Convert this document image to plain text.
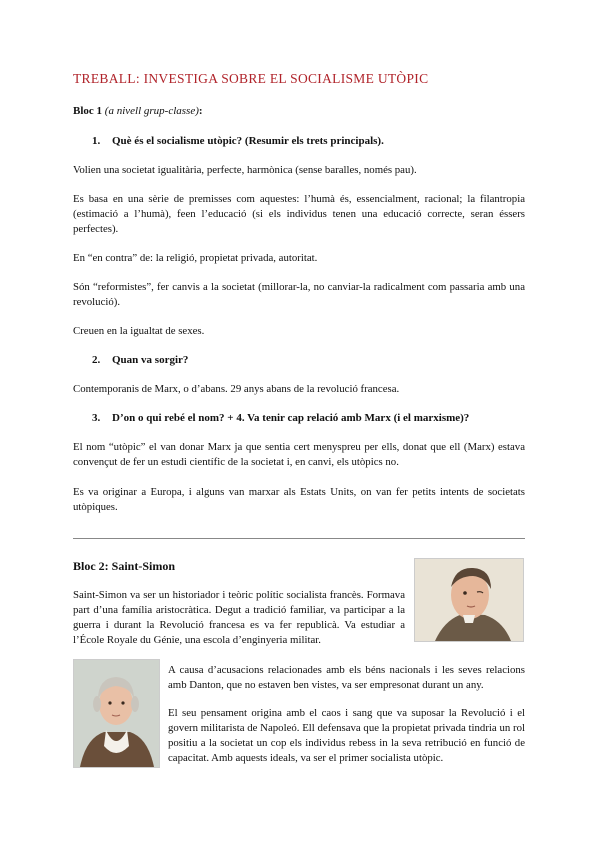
TREBALL: INVESTIGA SOBRE EL SOCIALISME UTÒPIC
Bloc 1 (a nivell grup-classe):
1. Què és el socialisme utòpic? (Resumir els trets principals).
Volien una societat igualitària, perfecte, harmònica (sense baralles, només pau).
Es basa en una sèrie de premisses com aquestes: l’humà és, essencialment, racional; la filantropia (estimació a l’humà), feen l’educació (si els individus tenen una educació correcte, seran éssers perfectes).
En “en contra” de: la religió, propietat privada, autoritat.
Són “reformistes”, fer canvis a la societat (millorar-la, no canviar-la radicalment com passaria amb una revolució).
Creuen en la igualtat de sexes.
2. Quan va sorgir?
Contemporanis de Marx, o d’abans. 29 anys abans de la revolució francesa.
3. D’on o qui rebé el nom? + 4. Va tenir cap relació amb Marx (i el marxisme)?
El nom “utòpic” el van donar Marx ja que sentia cert menyspreu per ells, donat que ell (Marx) estava convençut de fer un estudi científic de la societat i, en canvi, els utòpics no.
Es va originar a Europa, i alguns van marxar als Estats Units, on van fer petits intents de societats utòpiques.
Bloc 2: Saint-Simon
Saint-Simon va ser un historiador i teòric polític socialista francès. Formava part d’una família aristocràtica. Degut a tradició familiar, va participar a la guerra i durant la Revolució francesa es va fer republicà. Va estudiar a l’École Royale du Génie, una escola d’enginyeria militar.
A causa d’acusacions relacionades amb els béns nacionals i les seves relacions amb Danton, que no estaven ben vistes, va ser empresonat durant un any.
El seu pensament origina amb el caos i sang que va suposar la Revolució i el govern militarista de Napoleó. Ell defensava que la propietat privada tindria un rol positiu a la societat un cop els individus rebess in la seva retribució en funció de capacitat. Amb aquests ideals, va ser el primer socialista utòpic.
